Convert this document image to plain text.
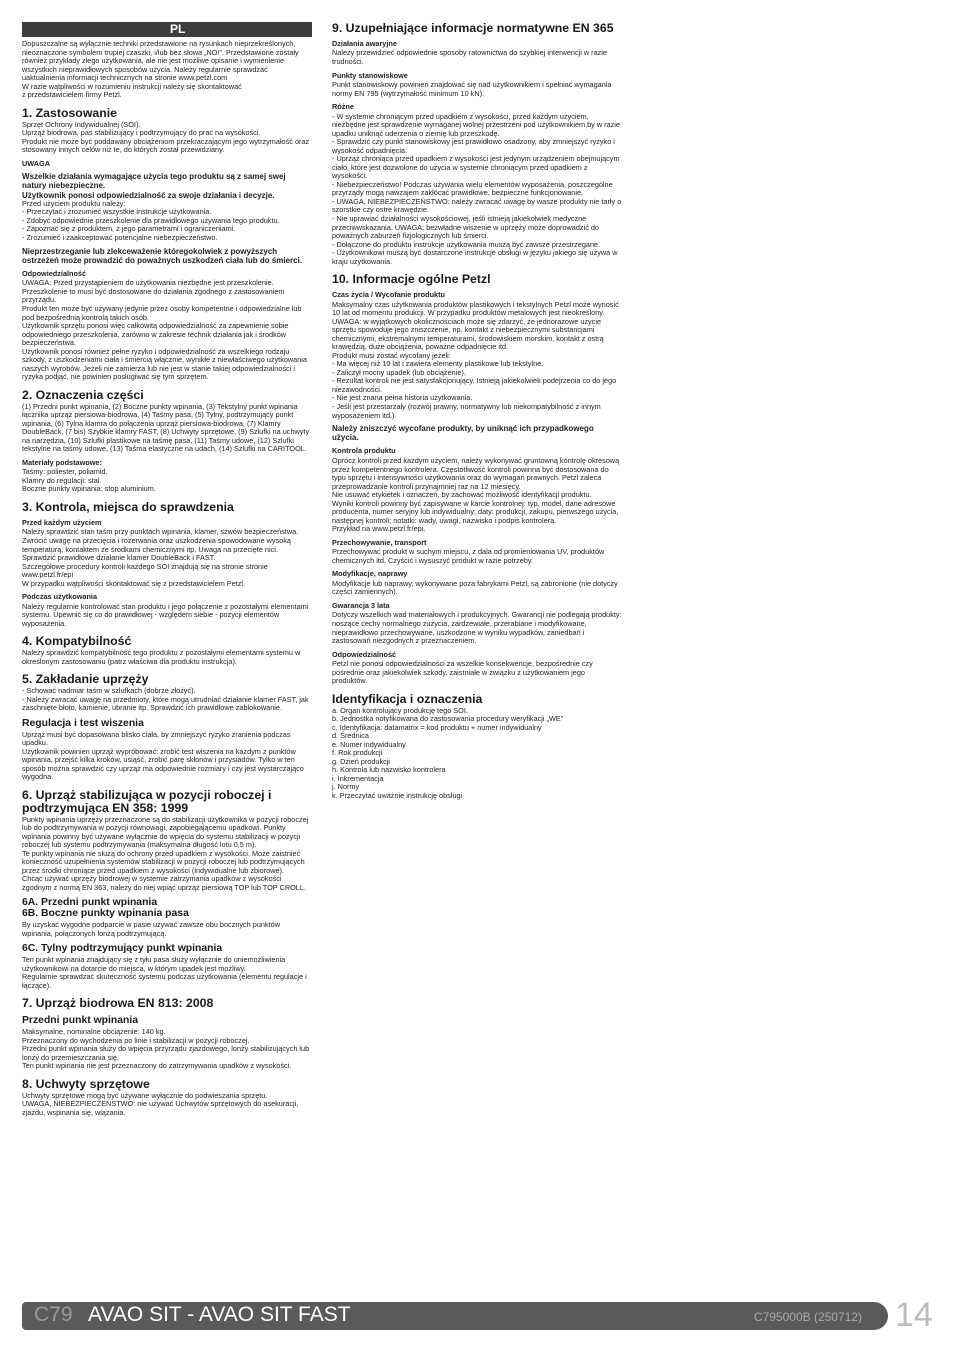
PL

Dopuszczalne są wyłącznie techniki przedstawione na rysunkach nieprzekreślonych, nieoznaczone symbolem trupiej czaszki, i/lub bez słowa „NO!”. Przedstawione zostały również przykłady złego użytkowania, ale nie jest możliwe opisanie i wymienienie wszystkich nieprawidłowych sposobów użycia. Należy regularnie sprawdzać uaktualnienia informacji technicznych na stronie www.petzl.com
W razie wątpliwości w rozumieniu instrukcji należy się skontaktować
z przedstawicielem firmy Petzl.

1. Zastosowanie

Sprzęt Ochrony Indywidualnej (SOI).
Uprząż biodrowa, pas stabilizujący i podtrzymujący do prac na wysokości.
Produkt nie może być poddawany obciążeniom przekraczającym jego wytrzymałość oraz stosowany innych celów niż te, do których został przewidziany.

UWAGA

Wszelkie działania wymagające użycia tego produktu są z samej swej natury niebezpieczne.
Użytkownik ponosi odpowiedzialność za swoje działania i decyzje.

Przed użyciem produktu należy:
- Przeczytać i zrozumieć wszystkie instrukcje użytkowania.
- Zdobyć odpowiednie przeszkolenie dla prawidłowego używania tego produktu.
- Zapoznać się z produktem, z jego parametrami i ograniczeniami.
- Zrozumieć i zaakceptować potencjalne niebezpieczeństwo.

Nieprzestrzeganie lub zlekceważenie któregokolwiek z powyższych ostrzeżeń może prowadzić do poważnych uszkodzeń ciała lub do śmierci.

Odpowiedzialność

UWAGA: Przed przystąpieniem do użytkowania niezbędne jest przeszkolenie. Przeszkolenie to musi być dostosowane do działania zgodnego z zastosowaniem przyrządu.
Produkt ten może być używany jedynie przez osoby kompetentne i odpowiedzialne lub pod bezpośrednią kontrolą takich osób.
Użytkownik sprzętu ponosi więc całkowitą odpowiedzialność za zapewnienie sobie odpowiedniego przeszkolenia, zarówno w zakresie technik działania jak i środków bezpieczeństwa.
Użytkownik ponosi również pełne ryzyko i odpowiedzialność za wszelkiego rodzaju szkody, z uszkodzeniami ciała i śmiercią włącznie, wynikłe z niewłaściwego użytkowania naszych wyrobów. Jeżeli nie zamierza lub nie jest w stanie takiej odpowiedzialności i ryzyka podjąć, nie powinien posługiwać się tym sprzętem.

2. Oznaczenia części

(1) Przedni punkt wpinania, (2) Boczne punkty wpinania, (3) Tekstylny punkt wpinania łącznika uprząż piersiowa-biodrowa, (4) Taśmy pasa, (5) Tylny, podtrzymujący punkt wpinania, (6) Tylna klamra do połączenia uprząż piersiowa-biodrowa, (7) Klamry DoubleBack, (7 bis) Szybkie klamry FAST, (8) Uchwyty sprzętowe, (9) Szlufki na uchwyty na narzędzia, (10) Szlufki plastikowe na taśmę pasa, (11) Taśmy udowe, (12) Szlufki tekstylne na taśmy udowe, (13) Taśma elastyczne na udach, (14) Szlufki na CARITOOL.

Materiały podstawowe:

Taśmy: poliester, poliamid.
Klamry do regulacji: stal.
Boczne punkty wpinania: stop aluminium.

3. Kontrola, miejsca do sprawdzenia
Przed każdym użyciem

Należy sprawdzić stan taśm przy punktach wpinania, klamer, szwów bezpieczeństwa.
Zwrócić uwagę na przecięcia i rozerwania oraz uszkodzenia spowodowane wysoką temperaturą, kontaktem ze środkami chemicznymi itp. Uwaga na przecięte nici.
Sprawdzić prawidłowe działanie klamer DoubleBack i FAST.
Szczegółowe procedury kontroli każdego SOI znajdują się na stronie stronie www.petzl.fr/epi
W przypadku wątpliwości skontaktować się z przedstawicielem Petzl.

Podczas użytkowania

Należy regularnie kontrolować stan produktu i jego połączenie z pozostałymi elementami systemu. Upewnić się co do prawidłowej - względem siebie - pozycji elementów wyposażenia.

4. Kompatybilność

Należy sprawdzić kompatybilność tego produktu z pozostałymi elementami systemu w określonym zastosowaniu (patrz właściwa dla produktu instrukcja).

5. Zakładanie uprzęży

- Schować nadmiar taśm w szlufkach (dobrze złożyć).
- Należy zwracać uwagę na przedmioty, które mogą utrudniać działanie klamer FAST, jak zaschnięte błoto, kamienie, ubranie itp. Sprawdzić ich prawidłowe zablokowanie.

Regulacja i test wiszenia

Uprząż musi być dopasowana blisko ciała, by zmniejszyć ryzyko zranienia podczas upadku.
Użytkownik powinien uprząż wypróbować: zrobić test wiszenia na każdym z punktów wpinania, przejść kilka kroków, usiąść, zrobić parę skłonów i przysiadów. Tylko w ten sposób można sprawdzić czy uprząż ma odpowiednie rozmiary i czy jest wystarczająco wygodna.

6. Uprząż stabilizująca w pozycji roboczej i podtrzymująca EN 358: 1999

Punkty wpinania uprzęży przeznaczone są do stabilizacji użytkownika w pozycji roboczej lub do podtrzymywania w pozycji równowagi, zapobiegającemu upadkowi. Punkty wpinania powinny być używane wyłącznie do wpięcia do systemu stabilizacji w pozycji roboczej lub systemu podtrzymywania (maksymalna długość lotu 0,5 m).
Te punkty wpinania nie służą do ochrony przed upadkiem z wysokości. Może zaistnieć konieczność uzupełnienia systemów stabilizacji w pozycji roboczej lub podtrzymujących przez środki chroniące przed upadkiem z wysokości (indywidualne lub zbiorowe).
Chcąc używać uprzęży biodrowej w systemie zatrzymania upadków z wysokości zgodnym z normą EN 363, należy do niej wpiąć uprząż piersiową TOP lub TOP CROLL.

6A. Przedni punkt wpinania
6B. Boczne punkty wpinania pasa

By uzyskać wygodne podparcie w pasie używać zawsze obu bocznych punktów wpinania, połączonych lonżą podtrzymującą.

6C. Tylny podtrzymujący punkt wpinania

Ten punkt wpinania znajdujący się z tyłu pasa służy wyłącznie do uniemożliwienia użytkownikowi na dotarcie do miejsca, w którym upadek jest możliwy.
Regularnie sprawdzać skuteczność systemu podczas użytkowania (elementu regulacje i łączące).

7. Uprząż biodrowa EN 813: 2008
Przedni punkt wpinania

Maksymalne, nominalne obciążenie: 140 kg.
Przeznaczony do wychodzenia po linie i stabilizacji w pozycji roboczej.
Przedni punkt wpinania służy do wpięcia przyrządu zjazdowego, lonży stabilizujących lub lonży do przemieszczania się.
Ten punkt wpinania nie jest przeznaczony do zatrzymywania upadków z wysokości.

8. Uchwyty sprzętowe

Uchwyty sprzętowe mogą być używane wyłącznie do podwieszania sprzętu.
UWAGA, NIEBEZPIECZEŃSTWO: nie używać Uchwytów sprzętowych do asekuracji, zjazdu, wspinania się, wiązania.

9. Uzupełniające informacje normatywne EN 365
Działania awaryjne

Należy przewidzieć odpowiednie sposoby ratownictwa do szybkiej interwencji w razie trudności.

Punkty stanowiskowe

Punkt stanowiskowy powinien znajdować się nad użytkownikiem i spełniać wymagania normy EN 795 (wytrzymałość minimum 10 kN).

Różne

- W systemie chroniącym przed upadkiem z wysokości, przed każdym użyciem, niezbędne jest sprawdzenie wymaganej wolnej przestrzeni pod użytkownikiem,by w razie upadku uniknąć uderzenia o ziemię lub przeszkodę.
- Sprawdzić czy punkt stanowiskowy jest prawidłowo osadzony, aby zmniejszyć ryzyko i wysokość odpadnięcia.
- Uprząż chroniąca przed upadkiem z wysokości jest jedynym urządzeniem obejmującym ciało, które jest dozwolone do użycia w systemie chroniącym przed upadkiem z wysokości.
- Niebezpieczeństwo! Podczas używania wielu elementów wyposażenia, poszczególne przyrządy mogą nawzajem zakłócać prawidłowe, bezpieczne funkcjonowanie.
- UWAGA, NIEBEZPIECZEŃSTWO: należy zwracać uwagę by wasze produkty nie tarły o szorstkie czy ostre krawędzie.
- Nie uprawiać działalności wysokościowej, jeśli istnieją jakiekolwiek medyczne przeciwwskazania. UWAGA: bezwładne wiszenie w uprzęży może doprowadzić do poważnych zaburzeń fizjologicznych lub śmierci.
- Dołączone do produktu instrukcje użytkowania muszą być zawsze przestrzegane.
- Użytkownikowi muszą być dostarczone instrukcje obsługi w języku jakiego się używa w kraju użytkowania.

10. Informacje ogólne Petzl
Czas życia / Wycofanie produktu

Maksymalny czas użytkowania produktów plastikowych i tekstylnych Petzl może wynosić 10 lat od momentu produkcji. W przypadku produktów metalowych jest nieokreślony.
UWAGA: w wyjątkowych okolicznościach może się zdarzyć, że jednorazowe użycie sprzętu spowoduje jego zniszczenie, np. kontakt z niebezpiecznymi substancjami chemicznymi, ekstremalnymi temperaturami, środowiskiem morskim, kontakt z ostrą krawędzią, duże obciążenia, poważne odpadnięcie itd.
Produkt musi zostać wycofany jeżeli:
- Ma więcej niż 10 lat i zawiera elementy plastikowe lub tekstylne.
- Zaliczył mocny upadek (lub obciążenie).
- Rezultat kontroli nie jest satysfakcjonujący. Istnieją jakiekolwiek podejrzenia co do jego niezawodności.
- Nie jest znana pełna historia użytkowania.
- Jeśli jest przestarzały (rozwój prawny, normatywny lub niekompatybilność z innym wyposażeniem itd.).

Należy zniszczyć wycofane produkty, by uniknąć ich przypadkowego użycia.

Kontrola produktu

Oprócz kontroli przed każdym użyciem, należy wykonywać gruntowną kontrolę okresową przez kompetentnego kontrolera. Częstotliwość kontroli powinna być dostosowana do typu sprzętu i intensywności użytkowania oraz do wymagań prawnych. Petzl zaleca przeprowadzanie kontroli przynajmniej raz na 12 miesięcy.
Nie usuwać etykietek i oznaczeń, by zachować możliwość identyfikacji produktu.
Wyniki kontroli powinny być zapisywane w karcie kontrolnej: typ, model, dane adresowe producenta, numer seryjny lub indywidualny; daty: produkcji, zakupu, pierwszego użycia, następnej kontroli; notatki: wady, uwagi, nazwisko i podpis kontrolera.
Przykład na www.petzl.fr/epi.

Przechowywanie, transport

Przechowywać produkt w suchym miejscu, z dala od promieniowania UV, produktów chemicznych itd. Czyścić i wysuszyć produkt w razie potrzeby.

Modyfikacje, naprawy

Modyfikacje lub naprawy, wykonywane poza fabrykami Petzl, są zabronione (nie dotyczy części zamiennych).

Gwarancja 3 lata

Dotyczy wszelkich wad materiałowych i produkcyjnych. Gwarancji nie podlegają produkty: noszące cechy normalnego zużycia, zardzewiałe, przerabiane i modyfikowane, nieprawidłowo przechowywane, uszkodzone w wyniku wypadków, zaniedbań i zastosowań niezgodnych z przeznaczeniem.

Odpowiedzialność

Petzl nie ponosi odpowiedzialności za wszelkie konsekwencje, bezpośrednie czy pośrednie oraz jakiekolwiek szkody, zaistniałe w związku z użytkowaniem jego produktów.

Identyfikacja i oznaczenia

a. Organ kontrolujący produkcję tego SOI.
b. Jednostka notyfikowana do zastosowania procedury weryfikacji „WE”
c. Identyfikacja: datamatrix = kod produktu + numer indywidualny
d. Średnica
e. Numer indywidualny
f. Rok produkcji
g. Dzień produkcji
h. Kontrola lub nazwisko kontrolera
i. Inkrementacja
j. Normy
k. Przeczytać uważnie instrukcję obsługi

C79 AVAO SIT - AVAO SIT FAST	C795000B (250712) 14
